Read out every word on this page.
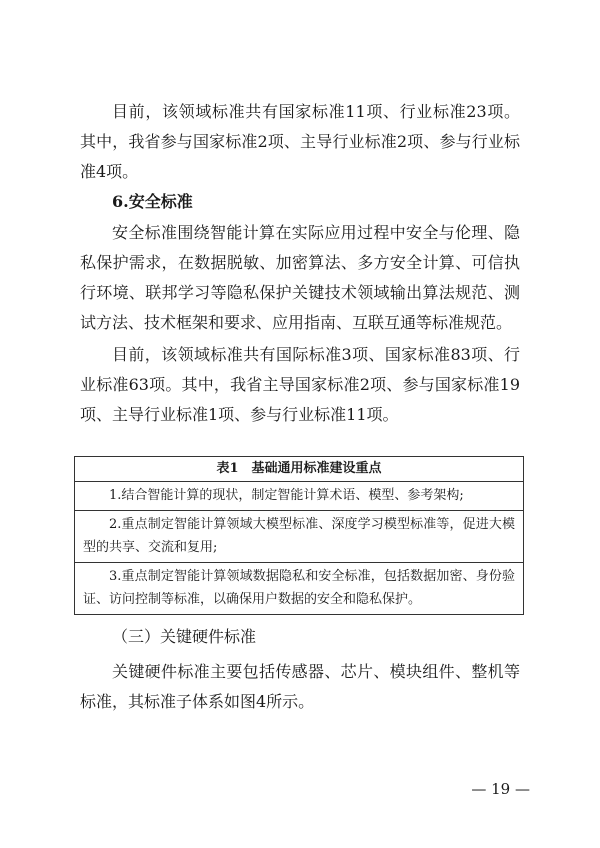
目前，该领域标准共有国家标准11项、行业标准23项。其中，我省参与国家标准2项、主导行业标准2项、参与行业标准4项。

6.安全标准

安全标准围绕智能计算在实际应用过程中安全与伦理、隐私保护需求，在数据脱敏、加密算法、多方安全计算、可信执行环境、联邦学习等隐私保护关键技术领域输出算法规范、测试方法、技术框架和要求、应用指南、互联互通等标准规范。

目前，该领域标准共有国际标准3项、国家标准83项、行业标准63项。其中，我省主导国家标准2项、参与国家标准19项、主导行业标准1项、参与行业标准11项。

表1　基础通用标准建设重点
1.结合智能计算的现状，制定智能计算术语、模型、参考架构;
2.重点制定智能计算领域大模型标准、深度学习模型标准等，促进大模型的共享、交流和复用;
3.重点制定智能计算领域数据隐私和安全标准，包括数据加密、身份验证、访问控制等标准，以确保用户数据的安全和隐私保护。

（三）关键硬件标准

关键硬件标准主要包括传感器、芯片、模块组件、整机等标准，其标准子体系如图4所示。

— 19 —
